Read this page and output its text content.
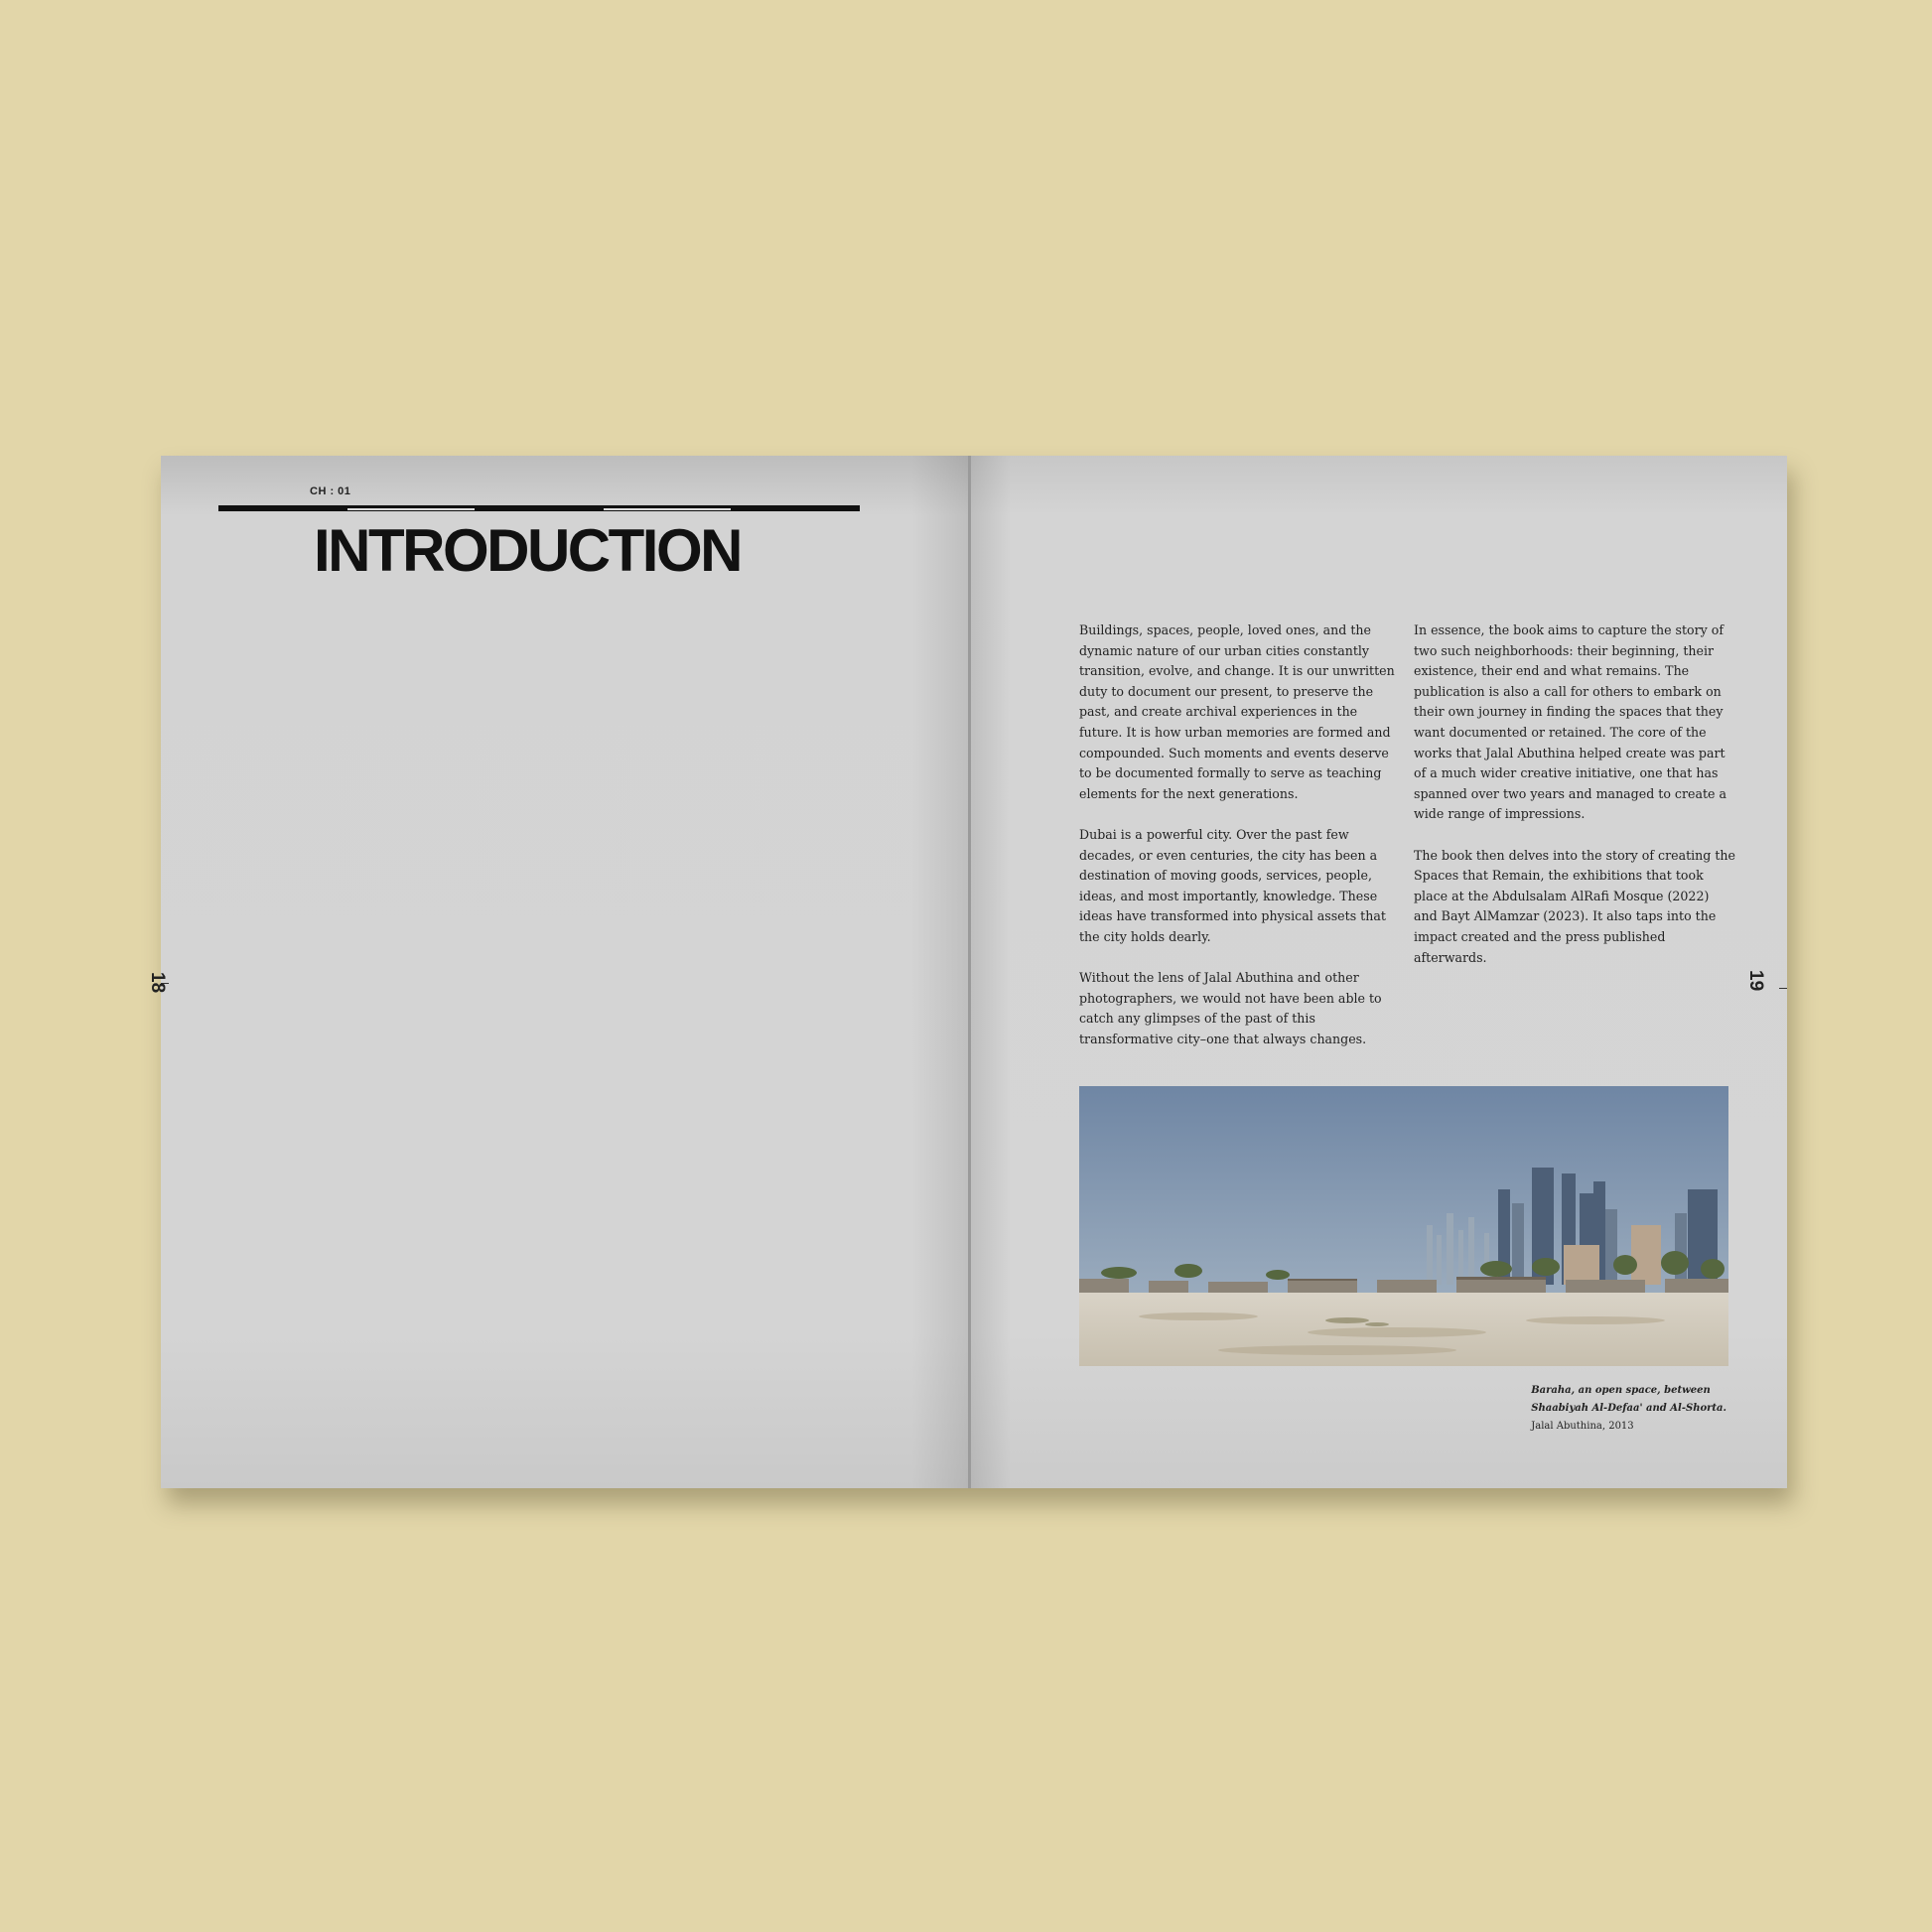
CH : 01
INTRODUCTION
18

Buildings, spaces, people, loved ones, and the dynamic nature of our urban cities constantly transition, evolve, and change. It is our unwritten duty to document our present, to preserve the past, and create archival experiences in the future. It is how urban memories are formed and compounded. Such moments and events deserve to be documented formally to serve as teaching elements for the next generations.

Dubai is a powerful city. Over the past few decades, or even centuries, the city has been a destination of moving goods, services, people, ideas, and most importantly, knowledge. These ideas have transformed into physical assets that the city holds dearly.

Without the lens of Jalal Abuthina and other photographers, we would not have been able to catch any glimpses of the past of this transformative city–one that always changes.

In essence, the book aims to capture the story of two such neighborhoods: their beginning, their existence, their end and what remains. The publication is also a call for others to embark on their own journey in finding the spaces that they want documented or retained. The core of the works that Jalal Abuthina helped create was part of a much wider creative initiative, one that has spanned over two years and managed to create a wide range of impressions.

The book then delves into the story of creating the Spaces that Remain, the exhibitions that took place at the Abdulsalam AlRafi Mosque (2022) and Bayt AlMamzar (2023). It also taps into the impact created and the press published afterwards.

Baraha, an open space, between
Shaabiyah Al-Defaa' and Al-Shorta.
Jalal Abuthina, 2013
19
